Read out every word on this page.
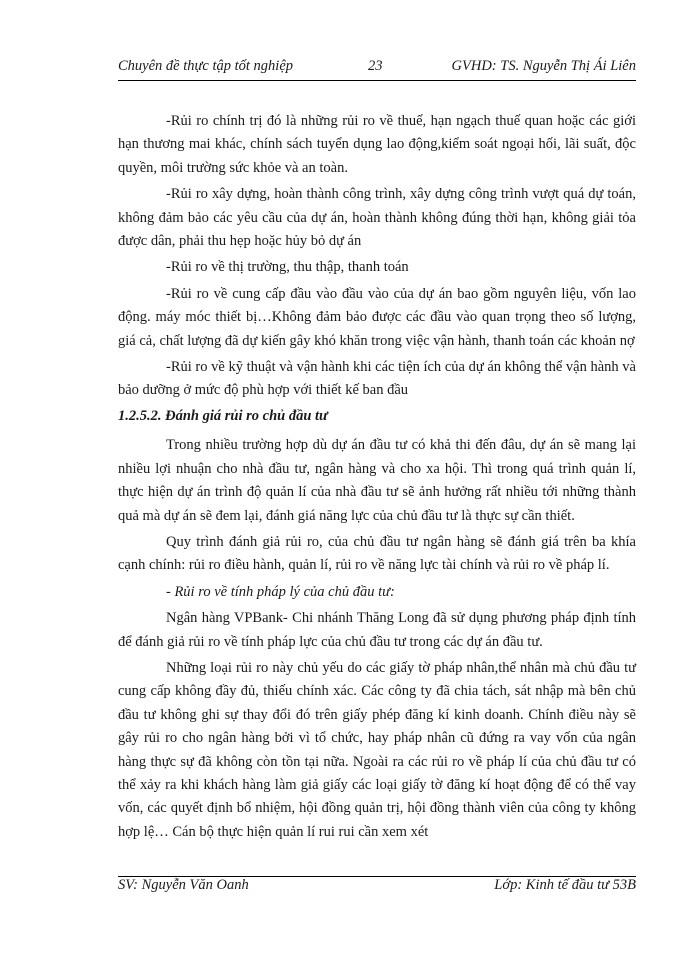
Chuyên đề thực tập tốt nghiệp	23	GVHD: TS. Nguyễn Thị Ái Liên

-Rủi ro chính trị đó là những rủi ro về thuế, hạn ngạch thuế quan hoặc các giới hạn thương mai khác, chính sách tuyển dụng lao động,kiểm soát ngoại hối, lãi suất, độc quyền, môi trường sức khỏe và an toàn.

-Rủi ro xây dựng, hoàn thành công trình, xây dựng công trình vượt quá dự toán, không đảm bảo các yêu cầu của dự án, hoàn thành không đúng thời hạn, không giải tỏa được dân, phải thu hẹp hoặc hủy bỏ dự án

-Rủi ro về thị trường, thu thập, thanh toán

-Rủi ro về cung cấp đầu vào đầu vào của dự án bao gồm nguyên liệu, vốn lao động. máy móc thiết bị…Không đảm bảo được các đầu vào quan trọng theo số lượng, giá cả, chất lượng đã dự kiến gây khó khăn trong việc vận hành, thanh toán các khoản nợ

-Rủi ro về kỹ thuật và vận hành khi các tiện ích của dự án không thể vận hành và bảo dưỡng ở mức độ phù hợp với thiết kế ban đầu

1.2.5.2. Đánh giá rủi ro chủ đầu tư

Trong nhiều trường hợp dù dự án đầu tư có khả thi đến đâu, dự án sẽ mang lại nhiều lợi nhuận cho nhà đầu tư, ngân hàng và cho xa hội. Thì trong quá trình quản lí, thực hiện dự án trình độ quản lí của nhà đầu tư sẽ ảnh hưởng rất nhiều tới những thành quả mà dự án sẽ đem lại, đánh giá năng lực của chủ đầu tư là thực sự cần thiết.

Quy trình đánh giả rủi ro, của chủ đầu tư ngân hàng sẽ đánh giá trên ba khía cạnh chính: rủi ro điều hành, quản lí, rủi ro về năng lực tài chính và rủi ro về pháp lí.

- Rủi ro về tính pháp lý của chủ đầu tư:

Ngân hàng VPBank- Chi nhánh Thăng Long đã sử dụng phương pháp định tính để đánh giả rủi ro về tính pháp lực của chủ đầu tư trong các dự án đầu tư.

Những loại rủi ro này chủ yếu do các giấy tờ pháp nhân,thể nhân mà chủ đầu tư cung cấp không đầy đủ, thiếu chính xác. Các công ty đã chia tách, sát nhập mà bên chủ đầu tư không ghi sự thay đổi đó trên giấy phép đăng kí kinh doanh. Chính điều này sẽ gây rủi ro cho ngân hàng bởi vì tổ chức, hay pháp nhân cũ đứng ra vay vốn của ngân hàng thực sự đã không còn tồn tại nữa. Ngoài ra các rủi ro về pháp lí của chủ đầu tư có thể xảy ra khi khách hàng làm giả giấy các loại giấy tờ đăng kí hoạt động để có thể vay vốn, các quyết định bổ nhiệm, hội đồng quản trị, hội đồng thành viên của công ty không hợp lệ… Cán bộ thực hiện quản lí rui rui cần xem xét

SV: Nguyễn Văn Oanh	Lớp: Kinh tế đầu tư 53B
